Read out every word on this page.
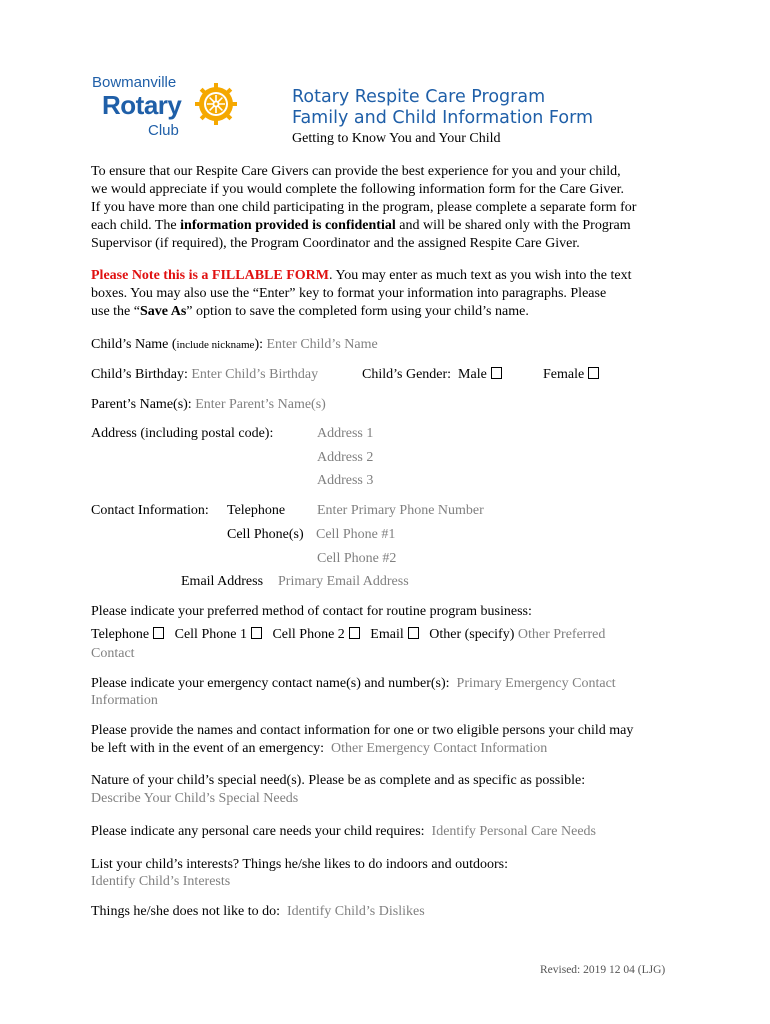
Bowmanville
Rotary
Club
Rotary Respite Care Program
Family and Child Information Form
Getting to Know You and Your Child
To ensure that our Respite Care Givers can provide the best experience for you and your child,
we would appreciate if you would complete the following information form for the Care Giver.
If you have more than one child participating in the program, please complete a separate form for
each child. The information provided is confidential and will be shared only with the Program
Supervisor (if required), the Program Coordinator and the assigned Respite Care Giver.
Please Note this is a FILLABLE FORM. You may enter as much text as you wish into the text
boxes. You may also use the “Enter” key to format your information into paragraphs. Please
use the “Save As” option to save the completed form using your child’s name.
Child’s Name (include nickname): Enter Child’s Name
Child’s Birthday: Enter Child’s Birthday	Child’s Gender: Male	Female
Parent’s Name(s): Enter Parent’s Name(s)
Address (including postal code):	Address 1
Address 2
Address 3
Contact Information: Telephone Enter Primary Phone Number
Cell Phone(s) Cell Phone #1
Cell Phone #2
Email Address Primary Email Address
Please indicate your preferred method of contact for routine program business:
Telephone Cell Phone 1 Cell Phone 2 Email Other (specify) Other Preferred
Contact
Please indicate your emergency contact name(s) and number(s): Primary Emergency Contact
Information
Please provide the names and contact information for one or two eligible persons your child may
be left with in the event of an emergency: Other Emergency Contact Information
Nature of your child’s special need(s). Please be as complete and as specific as possible:
Describe Your Child’s Special Needs
Please indicate any personal care needs your child requires: Identify Personal Care Needs
List your child’s interests? Things he/she likes to do indoors and outdoors:
Identify Child’s Interests
Things he/she does not like to do: Identify Child’s Dislikes
Revised: 2019 12 04 (LJG)
